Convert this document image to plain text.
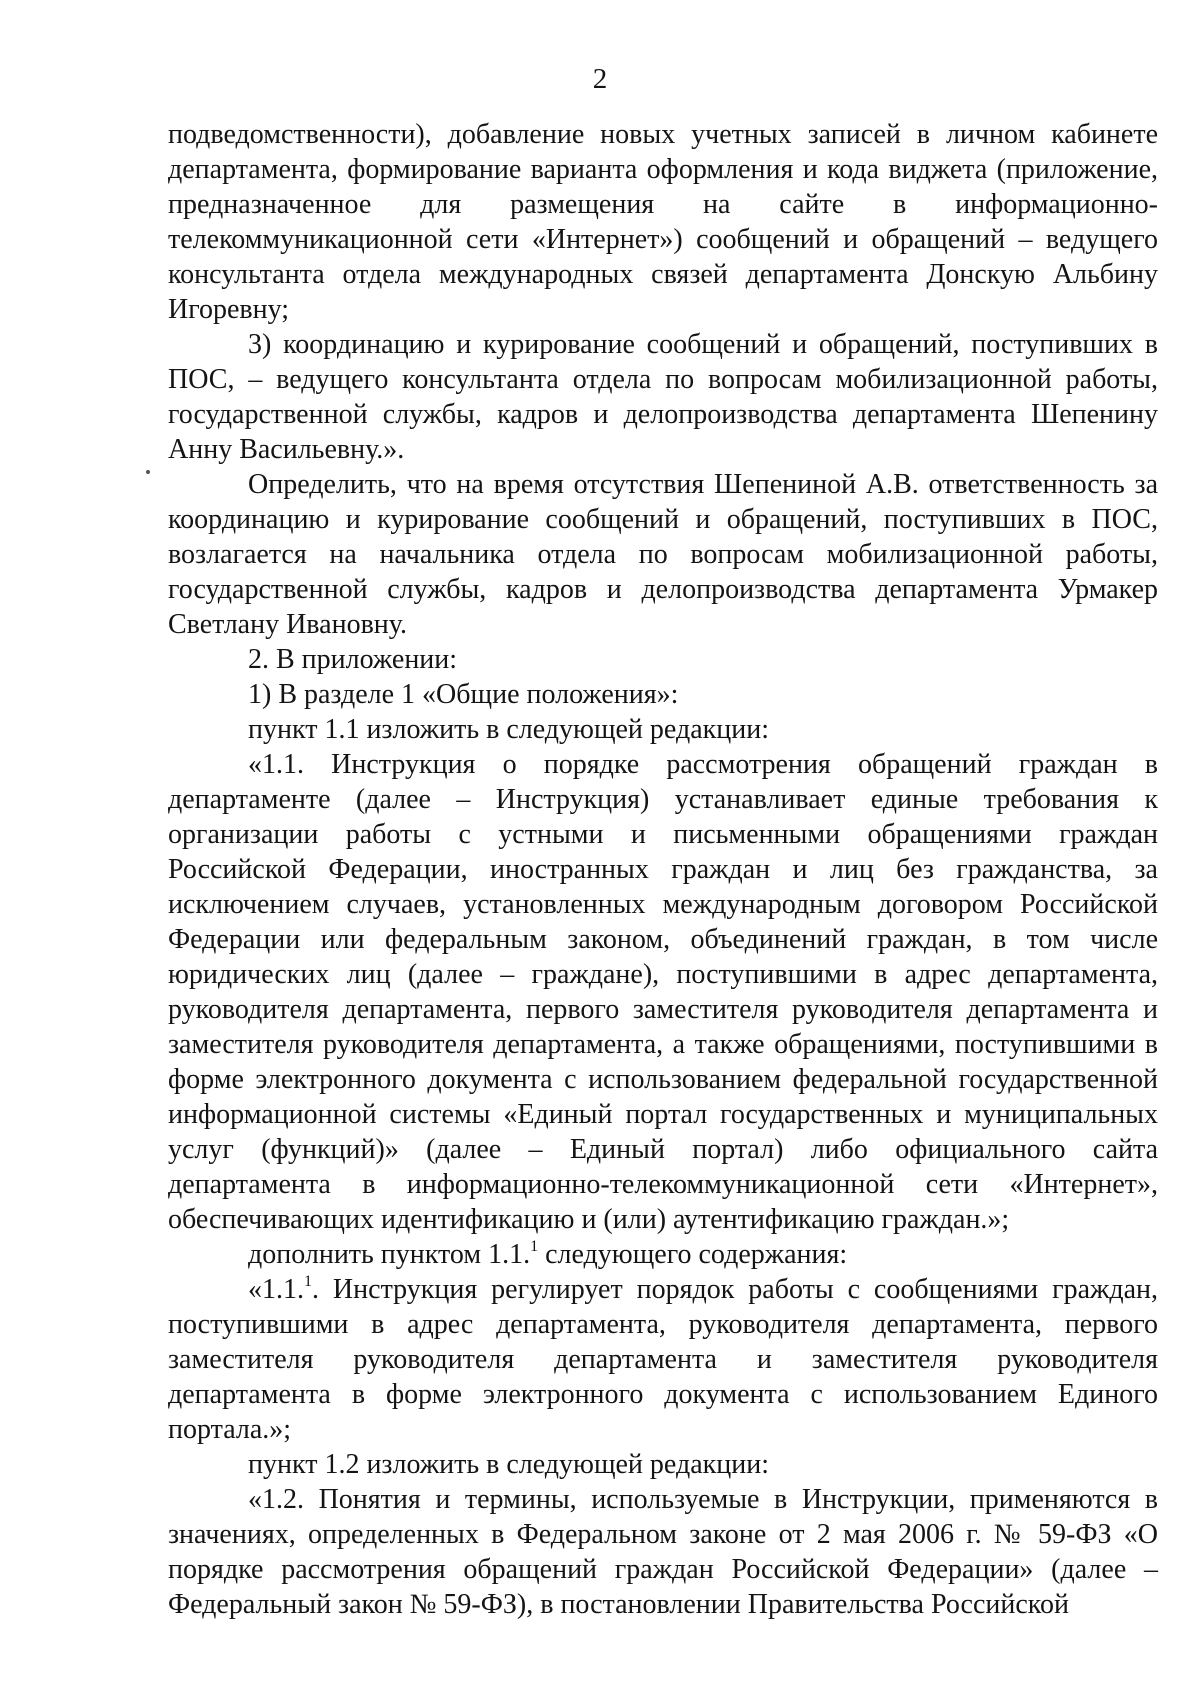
2

подведомственности), добавление новых учетных записей в личном кабинете департамента, формирование варианта оформления и кода виджета (приложение, предназначенное для размещения на сайте в информационно-телекоммуникационной сети «Интернет») сообщений и обращений – ведущего консультанта отдела международных связей департамента Донскую Альбину Игоревну;

3) координацию и курирование сообщений и обращений, поступивших в ПОС, – ведущего консультанта отдела по вопросам мобилизационной работы, государственной службы, кадров и делопроизводства департамента Шепенину Анну Васильевну.».

Определить, что на время отсутствия Шепениной А.В. ответственность за координацию и курирование сообщений и обращений, поступивших в ПОС, возлагается на начальника отдела по вопросам мобилизационной работы, государственной службы, кадров и делопроизводства департамента Урмакер Светлану Ивановну.

2. В приложении:

1) В разделе 1 «Общие положения»:

пункт 1.1 изложить в следующей редакции:

«1.1. Инструкция о порядке рассмотрения обращений граждан в департаменте (далее – Инструкция) устанавливает единые требования к организации работы с устными и письменными обращениями граждан Российской Федерации, иностранных граждан и лиц без гражданства, за исключением случаев, установленных международным договором Российской Федерации или федеральным законом, объединений граждан, в том числе юридических лиц (далее – граждане), поступившими в адрес департамента, руководителя департамента, первого заместителя руководителя департамента и заместителя руководителя департамента, а также обращениями, поступившими в форме электронного документа с использованием федеральной государственной информационной системы «Единый портал государственных и муниципальных услуг (функций)» (далее – Единый портал) либо официального сайта департамента в информационно-телекоммуникационной сети «Интернет», обеспечивающих идентификацию и (или) аутентификацию граждан.»;

дополнить пунктом 1.1.$^1$ следующего содержания:

«1.1.$^1$. Инструкция регулирует порядок работы с сообщениями граждан, поступившими в адрес департамента, руководителя департамента, первого заместителя руководителя департамента и заместителя руководителя департамента в форме электронного документа с использованием Единого портала.»;

пункт 1.2 изложить в следующей редакции:

«1.2. Понятия и термины, используемые в Инструкции, применяются в значениях, определенных в Федеральном законе от 2 мая 2006 г. № 59-ФЗ «О порядке рассмотрения обращений граждан Российской Федерации» (далее – Федеральный закон № 59-ФЗ), в постановлении Правительства Российской
